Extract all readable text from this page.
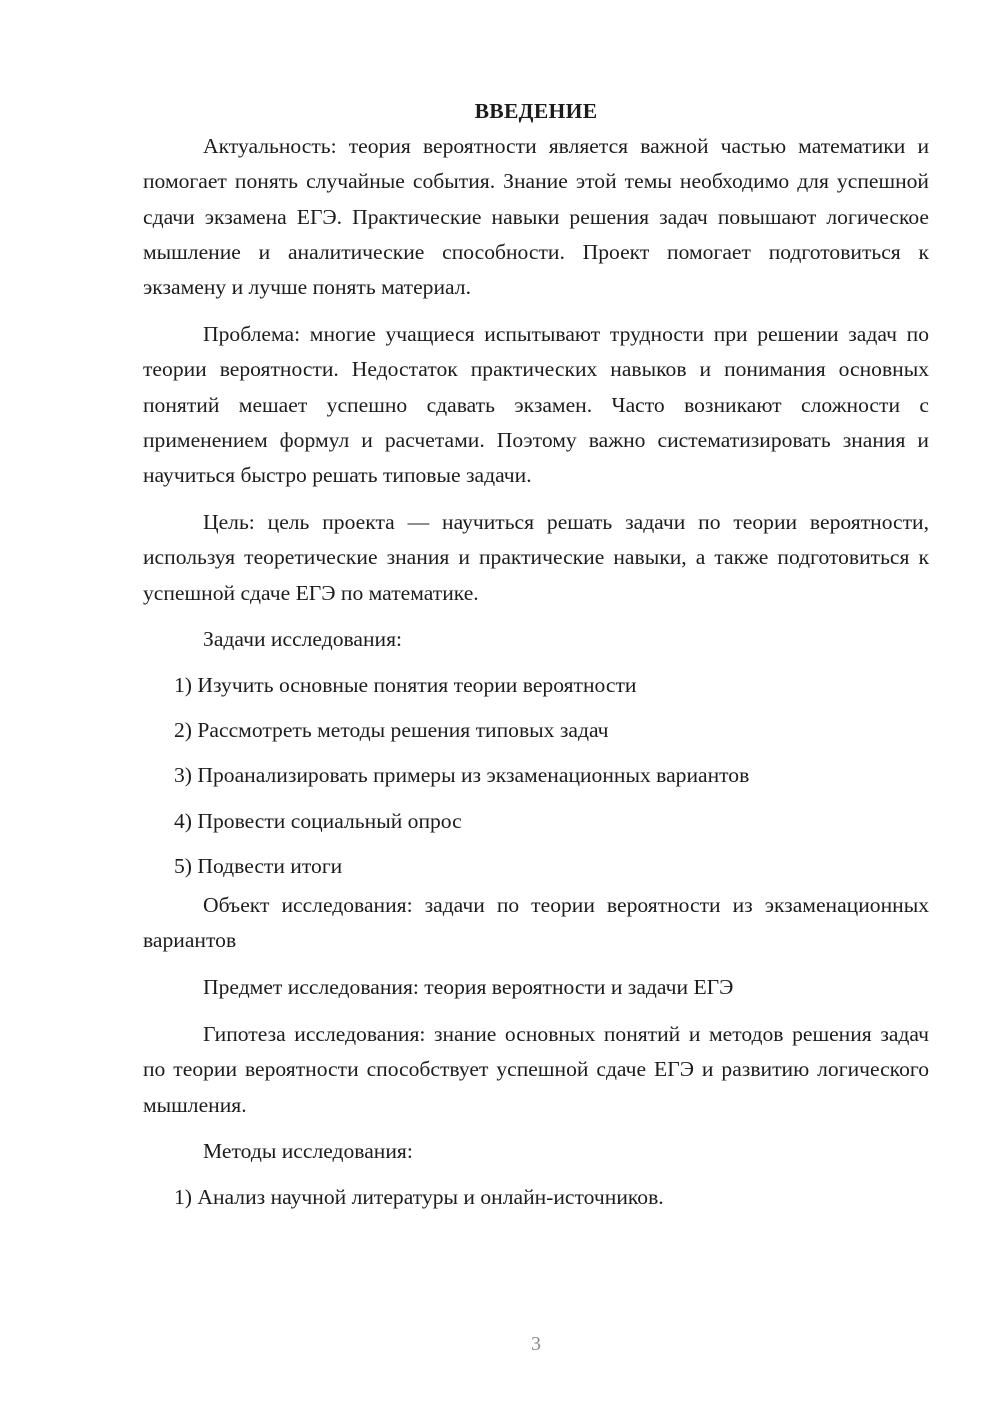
ВВЕДЕНИЕ

Актуальность: теория вероятности является важной частью математики и помогает понять случайные события. Знание этой темы необходимо для успешной сдачи экзамена ЕГЭ. Практические навыки решения задач повышают логическое мышление и аналитические способности. Проект помогает подготовиться к экзамену и лучше понять материал.

Проблема: многие учащиеся испытывают трудности при решении задач по теории вероятности. Недостаток практических навыков и понимания основных понятий мешает успешно сдавать экзамен. Часто возникают сложности с применением формул и расчетами. Поэтому важно систематизировать знания и научиться быстро решать типовые задачи.

Цель: цель проекта — научиться решать задачи по теории вероятности, используя теоретические знания и практические навыки, а также подготовиться к успешной сдаче ЕГЭ по математике.

Задачи исследования:

1) Изучить основные понятия теории вероятности

2) Рассмотреть методы решения типовых задач

3) Проанализировать примеры из экзаменационных вариантов

4) Провести социальный опрос

5) Подвести итоги

Объект исследования: задачи по теории вероятности из экзаменационных вариантов

Предмет исследования: теория вероятности и задачи ЕГЭ

Гипотеза исследования: знание основных понятий и методов решения задач по теории вероятности способствует успешной сдаче ЕГЭ и развитию логического мышления.

Методы исследования:

1) Анализ научной литературы и онлайн-источников.

3
